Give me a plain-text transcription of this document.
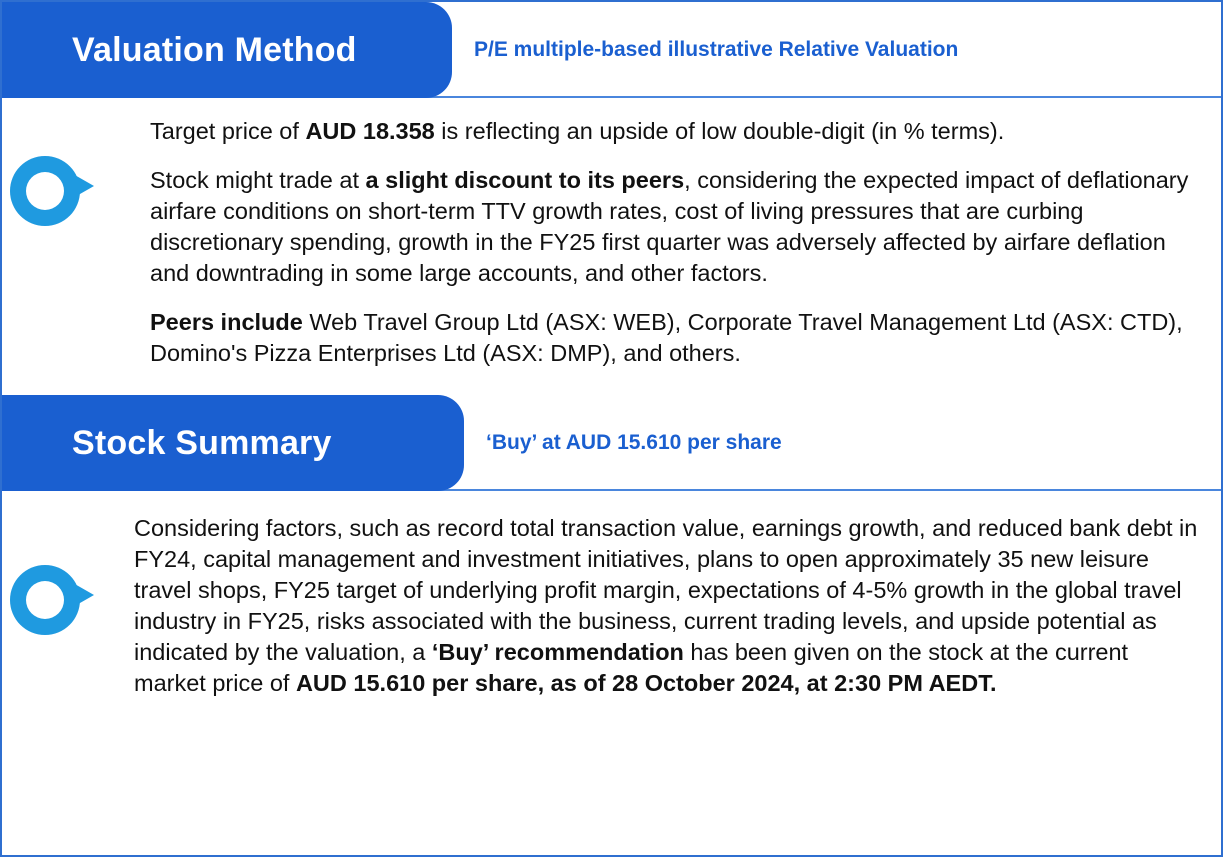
Valuation Method	P/E multiple-based illustrative Relative Valuation

Target price of AUD 18.358 is reflecting an upside of low double-digit (in % terms).

Stock might trade at a slight discount to its peers, considering the expected impact of deflationary airfare conditions on short-term TTV growth rates, cost of living pressures that are curbing discretionary spending, growth in the FY25 first quarter was adversely affected by airfare deflation and downtrading in some large accounts, and other factors.

Peers include Web Travel Group Ltd (ASX: WEB), Corporate Travel Management Ltd (ASX: CTD), Domino's Pizza Enterprises Ltd (ASX: DMP), and others.

Stock Summary	‘Buy’ at AUD 15.610 per share

Considering factors, such as record total transaction value, earnings growth, and reduced bank debt in FY24, capital management and investment initiatives, plans to open approximately 35 new leisure travel shops, FY25 target of underlying profit margin, expectations of 4-5% growth in the global travel industry in FY25, risks associated with the business, current trading levels, and upside potential as indicated by the valuation, a ‘Buy’ recommendation has been given on the stock at the current market price of AUD 15.610 per share, as of 28 October 2024, at 2:30 PM AEDT.
